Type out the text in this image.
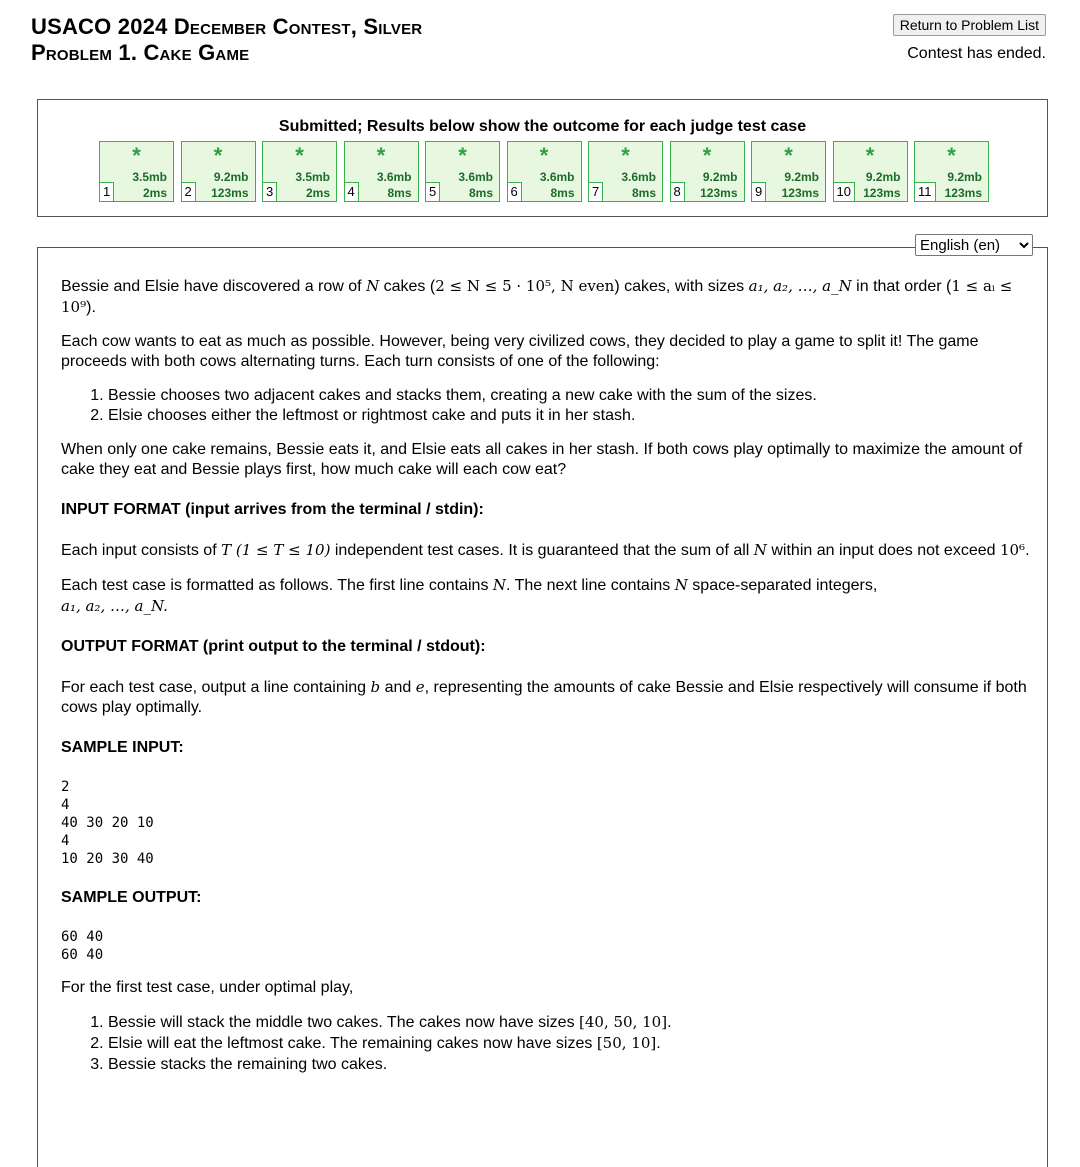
USACO 2024 December Contest, Silver
Problem 1. Cake Game
Return to Problem List
Contest has ended.
Submitted; Results below show the outcome for each judge test case
*
3.5mb
2ms
1
*
9.2mb
123ms
2
*
3.5mb
2ms
3
*
3.6mb
8ms
4
*
3.6mb
8ms
5
*
3.6mb
8ms
6
*
3.6mb
8ms
7
*
9.2mb
123ms
8
*
9.2mb
123ms
9
*
9.2mb
123ms
10
*
9.2mb
123ms
11
English (en)

Bessie and Elsie have discovered a row of N cakes (2 ≤ N ≤ 5 · 10⁵, N even) cakes, with sizes a₁, a₂, …, a_N in that order (1 ≤ aᵢ ≤ 10⁹).

Each cow wants to eat as much as possible. However, being very civilized cows, they decided to play a game to split it! The game proceeds with both cows alternating turns. Each turn consists of one of the following:

1. Bessie chooses two adjacent cakes and stacks them, creating a new cake with the sum of the sizes.
2. Elsie chooses either the leftmost or rightmost cake and puts it in her stash.

When only one cake remains, Bessie eats it, and Elsie eats all cakes in her stash. If both cows play optimally to maximize the amount of cake they eat and Bessie plays first, how much cake will each cow eat?

INPUT FORMAT (input arrives from the terminal / stdin):

Each input consists of T (1 ≤ T ≤ 10) independent test cases. It is guaranteed that the sum of all N within an input does not exceed 10⁶.

Each test case is formatted as follows. The first line contains N. The next line contains N space-separated integers,
a₁, a₂, …, a_N.

OUTPUT FORMAT (print output to the terminal / stdout):

For each test case, output a line containing b and e, representing the amounts of cake Bessie and Elsie respectively will consume if both cows play optimally.

SAMPLE INPUT:
2
4
40 30 20 10
4
10 20 30 40
SAMPLE OUTPUT:
60 40
60 40

For the first test case, under optimal play,

1. Bessie will stack the middle two cakes. The cakes now have sizes [40, 50, 10].
2. Elsie will eat the leftmost cake. The remaining cakes now have sizes [50, 10].
3. Bessie stacks the remaining two cakes.
